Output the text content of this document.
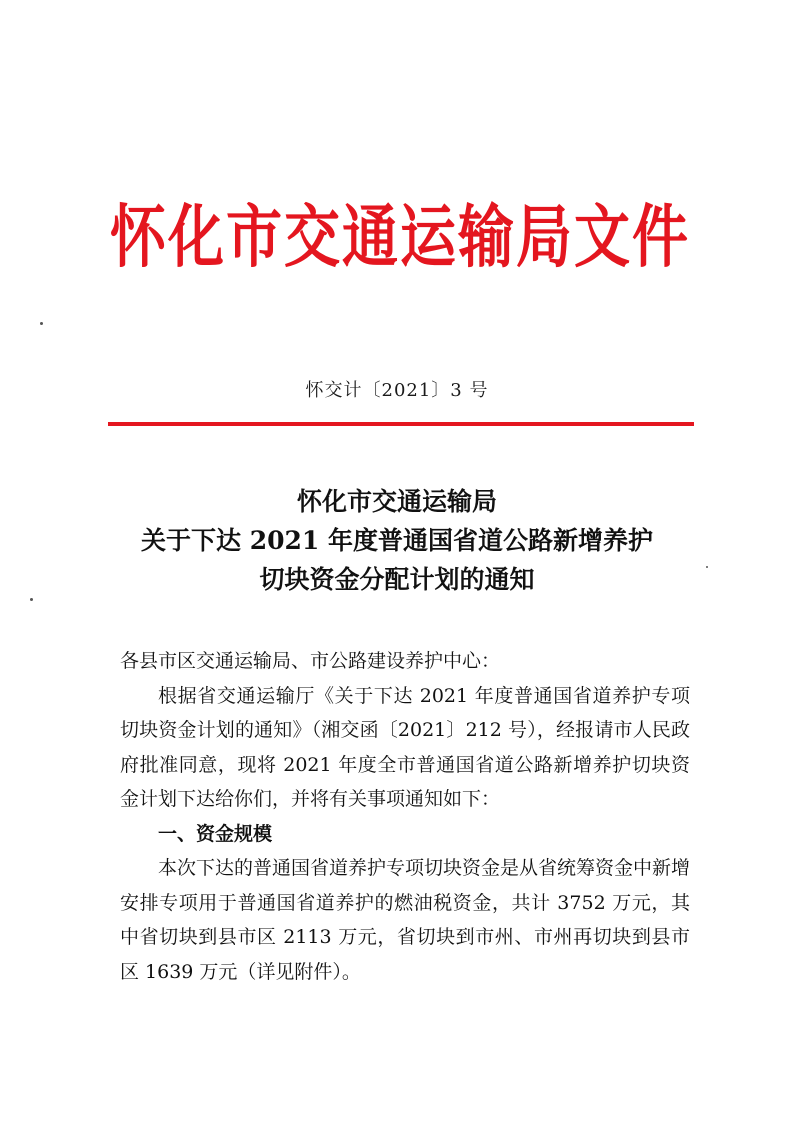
怀化市交通运输局文件
怀交计〔2021〕3 号
怀化市交通运输局
关于下达 2021 年度普通国省道公路新增养护
切块资金分配计划的通知

各县市区交通运输局、市公路建设养护中心：

根据省交通运输厅《关于下达 2021 年度普通国省道养护专项切块资金计划的通知》（湘交函〔2021〕212 号），经报请市人民政府批准同意，现将 2021 年度全市普通国省道公路新增养护切块资金计划下达给你们，并将有关事项通知如下：

一、资金规模

本次下达的普通国省道养护专项切块资金是从省统筹资金中新增安排专项用于普通国省道养护的燃油税资金，共计 3752 万元，其中省切块到县市区 2113 万元，省切块到市州、市州再切块到县市区 1639 万元（详见附件）。
